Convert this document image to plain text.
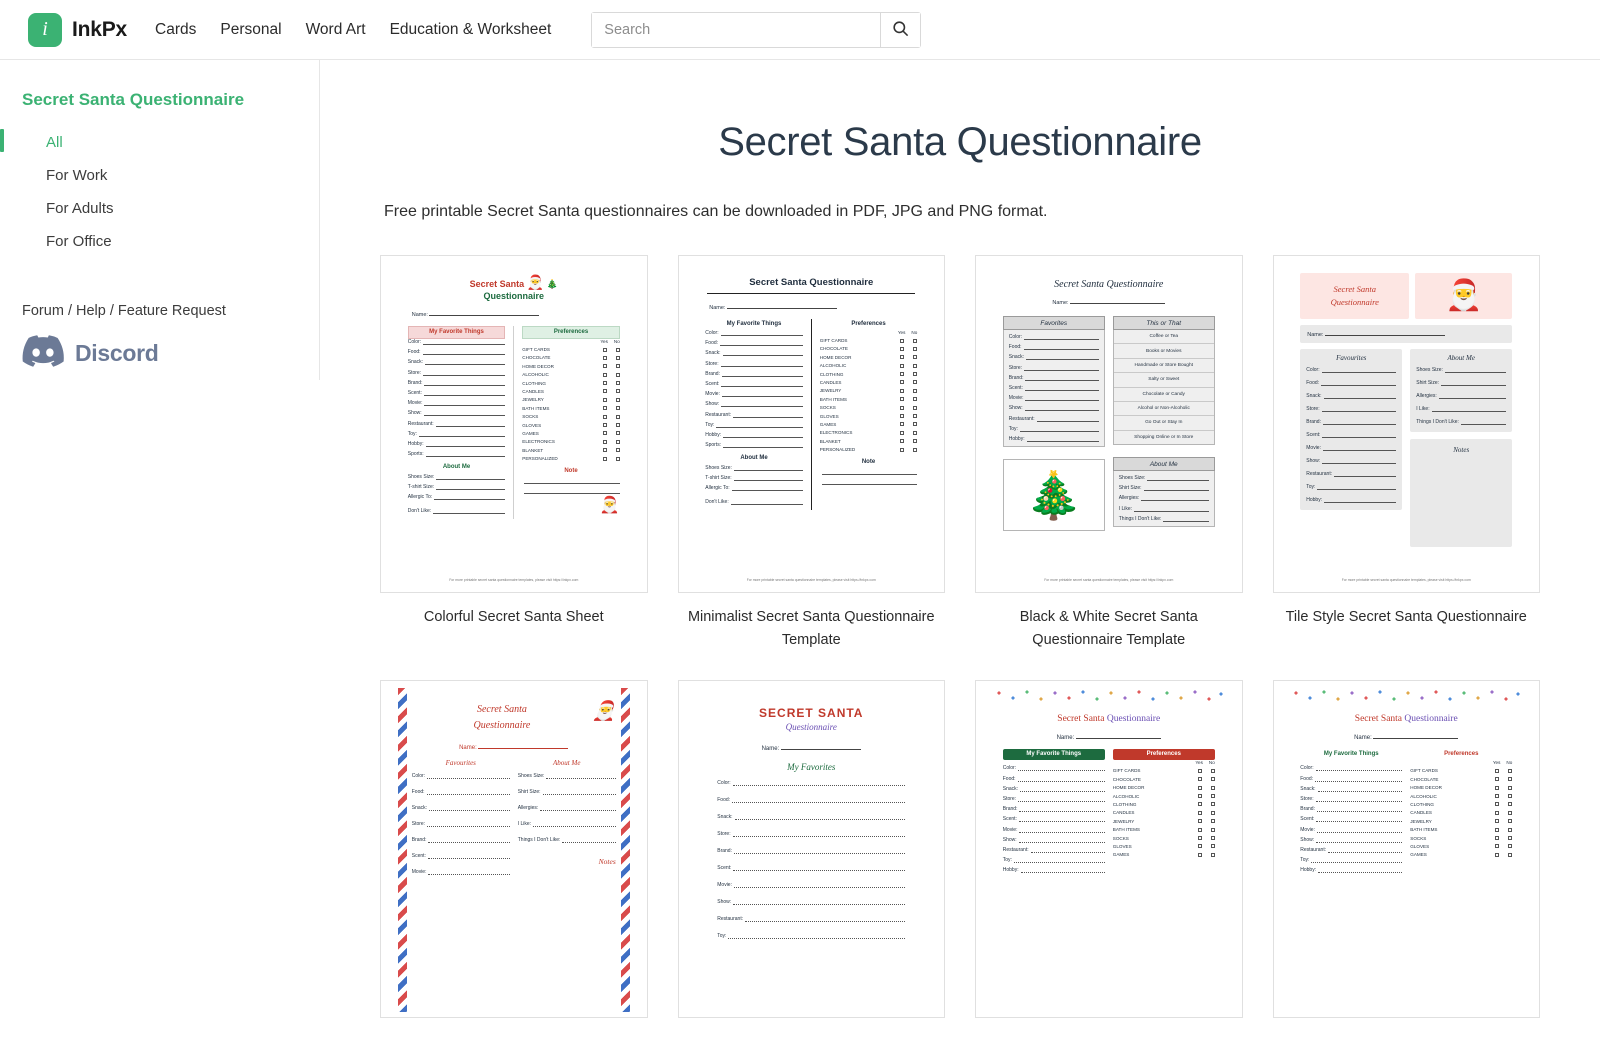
i	InkPx Cards Personal Word Art Education & Worksheet
Search
Secret Santa Questionnaire
All
For Work
For Adults
For Office
Forum / Help / Feature Request
Discord
Secret Santa Questionnaire

Free printable Secret Santa questionnaires can be downloaded in PDF, JPG and PNG format.

Secret Santa 🎅 🎄
Questionnaire
Name:
My Favorite Things
Color:
Food:
Snack:
Store:
Brand:
Scent:
Movie:
Show:
Restaurant:
Toy:
Hobby:
Sports:
About Me
Shoes Size:
T-shirt Size:
Allergic To:
Don't Like:
Preferences
Yes No
GIFT CARDS
CHOCOLATE
HOME DECOR
ALCOHOLIC
CLOTHING
CANDLES
JEWELRY
BATH ITEMS
SOCKS
GLOVES
GAMES
ELECTRONICS
BLANKET
PERSONALIZED
Note
🎅
For more printable secret santa questionnaire templates, please visit https://inkpx.com
Colorful Secret Santa Sheet
Secret Santa Questionnaire
Name:
My Favorite Things
Color:
Food:
Snack:
Store:
Brand:
Scent:
Movie:
Show:
Restaurant:
Toy:
Hobby:
Sports:
About Me
Shoes Size:
T-shirt Size:
Allergic To:
Don't Like:
Preferences
Yes No
GIFT CARDS
CHOCOLATE
HOME DECOR
ALCOHOLIC
CLOTHING
CANDLES
JEWELRY
BATH ITEMS
SOCKS
GLOVES
GAMES
ELECTRONICS
BLANKET
PERSONALIZED
Note
For more printable secret santa questionnaire templates, please visit https://inkpx.com
Minimalist Secret Santa Questionnaire Template
Secret Santa Questionnaire
Name:
Favorites
Color:
Food:
Snack:
Store:
Brand:
Scent:
Movie:
Show:
Restaurant:
Toy:
Hobby:
🎄
This or That
Coffee or Tea
Books or Movies
Handmade or Store Bought
Salty or Sweet
Chocolate or Candy
Alcohol or Non-Alcoholic
Go Out or Stay In
Shopping Online or In Store
About Me
Shoes Size:
Shirt Size:
Allergies:
I Like:
Things I Don't Like:
For more printable secret santa questionnaire templates, please visit https://inkpx.com
Black & White Secret Santa Questionnaire Template
Secret Santa
Questionnaire	🎅
Name:
Favourites
Color:
Food:
Snack:
Store:
Brand:
Scent:
Movie:
Show:
Restaurant:
Toy:
Hobby:
About Me
Shoes Size:
Shirt Size:
Allergies:
I Like:
Things I Don't Like:
Notes
For more printable secret santa questionnaire templates, please visit https://inkpx.com
Tile Style Secret Santa Questionnaire
Secret Santa	🎅
Questionnaire
Name:
Favourites
Color:
Food:
Snack:
Store:
Brand:
Scent:
Movie:
About Me
Shoes Size:
Shirt Size:
Allergies:
I Like:
Things I Don't Like:
Notes
SECRET SANTA
Questionnaire
Name:
My Favorites
Color:
Food:
Snack:
Store:
Brand:
Scent:
Movie:
Show:
Restaurant:
Toy:
Secret Santa Questionnaire
Name:
My Favorite Things
Color:
Food:
Snack:
Store:
Brand:
Scent:
Movie:
Show:
Restaurant:
Toy:
Hobby:
Preferences
Yes No
GIFT CARDS
CHOCOLATE
HOME DECOR
ALCOHOLIC
CLOTHING
CANDLES
JEWELRY
BATH ITEMS
SOCKS
GLOVES
GAMES
Secret Santa Questionnaire
Name:
My Favorite Things
Color:
Food:
Snack:
Store:
Brand:
Scent:
Movie:
Show:
Restaurant:
Toy:
Hobby:
Preferences
Yes No
GIFT CARDS
CHOCOLATE
HOME DECOR
ALCOHOLIC
CLOTHING
CANDLES
JEWELRY
BATH ITEMS
SOCKS
GLOVES
GAMES
